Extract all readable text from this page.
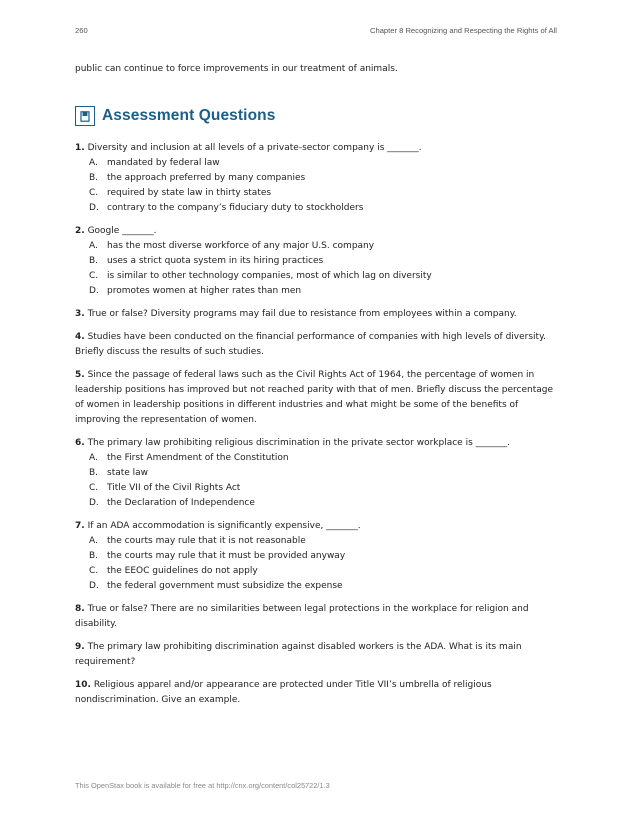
260	Chapter 8 Recognizing and Respecting the Rights of All

public can continue to force improvements in our treatment of animals.

Assessment Questions

1. Diversity and inclusion at all levels of a private-sector company is _______.

A.	mandated by federal law
B. the approach preferred by many companies
C. required by state law in thirty states
D. contrary to the company’s fiduciary duty to stockholders

2. Google _______.

A.	has the most diverse workforce of any major U.S. company
B. uses a strict quota system in its hiring practices
C. is similar to other technology companies, most of which lag on diversity
D. promotes women at higher rates than men

3. True or false? Diversity programs may fail due to resistance from employees within a company.

4. Studies have been conducted on the financial performance of companies with high levels of diversity. Briefly discuss the results of such studies.

5. Since the passage of federal laws such as the Civil Rights Act of 1964, the percentage of women in leadership positions has improved but not reached parity with that of men. Briefly discuss the percentage of women in leadership positions in different industries and what might be some of the benefits of improving the representation of women.

6. The primary law prohibiting religious discrimination in the private sector workplace is _______.

A.	the First Amendment of the Constitution
B. state law
C. Title VII of the Civil Rights Act
D. the Declaration of Independence

7. If an ADA accommodation is significantly expensive, _______.

A.	the courts may rule that it is not reasonable
B. the courts may rule that it must be provided anyway
C. the EEOC guidelines do not apply
D. the federal government must subsidize the expense

8. True or false? There are no similarities between legal protections in the workplace for religion and disability.

9. The primary law prohibiting discrimination against disabled workers is the ADA. What is its main requirement?

10. Religious apparel and/or appearance are protected under Title VII’s umbrella of religious nondiscrimination. Give an example.

This OpenStax book is available for free at http://cnx.org/content/col25722/1.3
